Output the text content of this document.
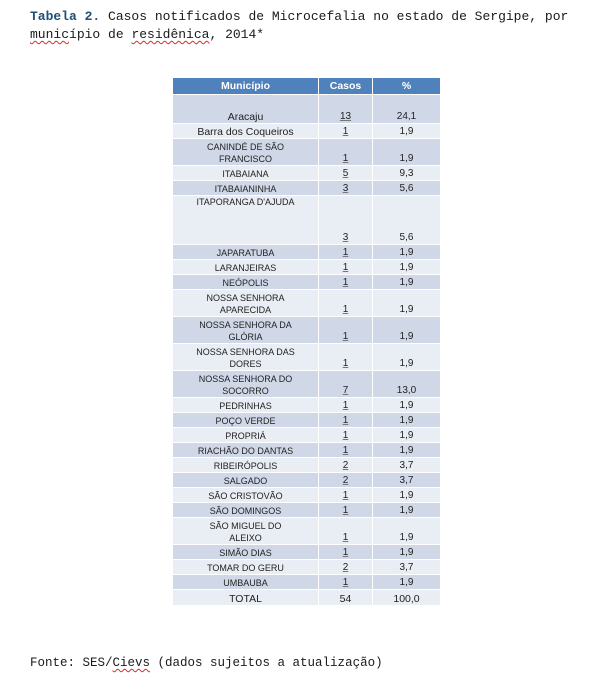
Tabela 2. Casos notificados de Microcefalia no estado de Sergipe, por
município de residênica, 2014*
Município	Casos	%
Aracaju	13	24,1
Barra dos Coqueiros	1	1,9
CANINDÉ DE SÃO
FRANCISCO	1	1,9
ITABAIANA	5	9,3
ITABAIANINHA	3	5,6
ITAPORANGA D'AJUDA	3	5,6
JAPARATUBA	1	1,9
LARANJEIRAS	1	1,9
NEÓPOLIS	1	1,9
NOSSA SENHORA
APARECIDA	1	1,9
NOSSA SENHORA DA
GLÓRIA	1	1,9
NOSSA SENHORA DAS
DORES	1	1,9
NOSSA SENHORA DO
SOCORRO	7	13,0
PEDRINHAS	1	1,9
POÇO VERDE	1	1,9
PROPRIÁ	1	1,9
RIACHÃO DO DANTAS	1	1,9
RIBEIRÓPOLIS	2	3,7
SALGADO	2	3,7
SÃO CRISTOVÃO	1	1,9
SÃO DOMINGOS	1	1,9
SÃO MIGUEL DO
ALEIXO	1	1,9
SIMÃO DIAS	1	1,9
TOMAR DO GERU	2	3,7
UMBAUBA	1	1,9
TOTAL	54	100,0
Fonte: SES/Cievs (dados sujeitos a atualização)
